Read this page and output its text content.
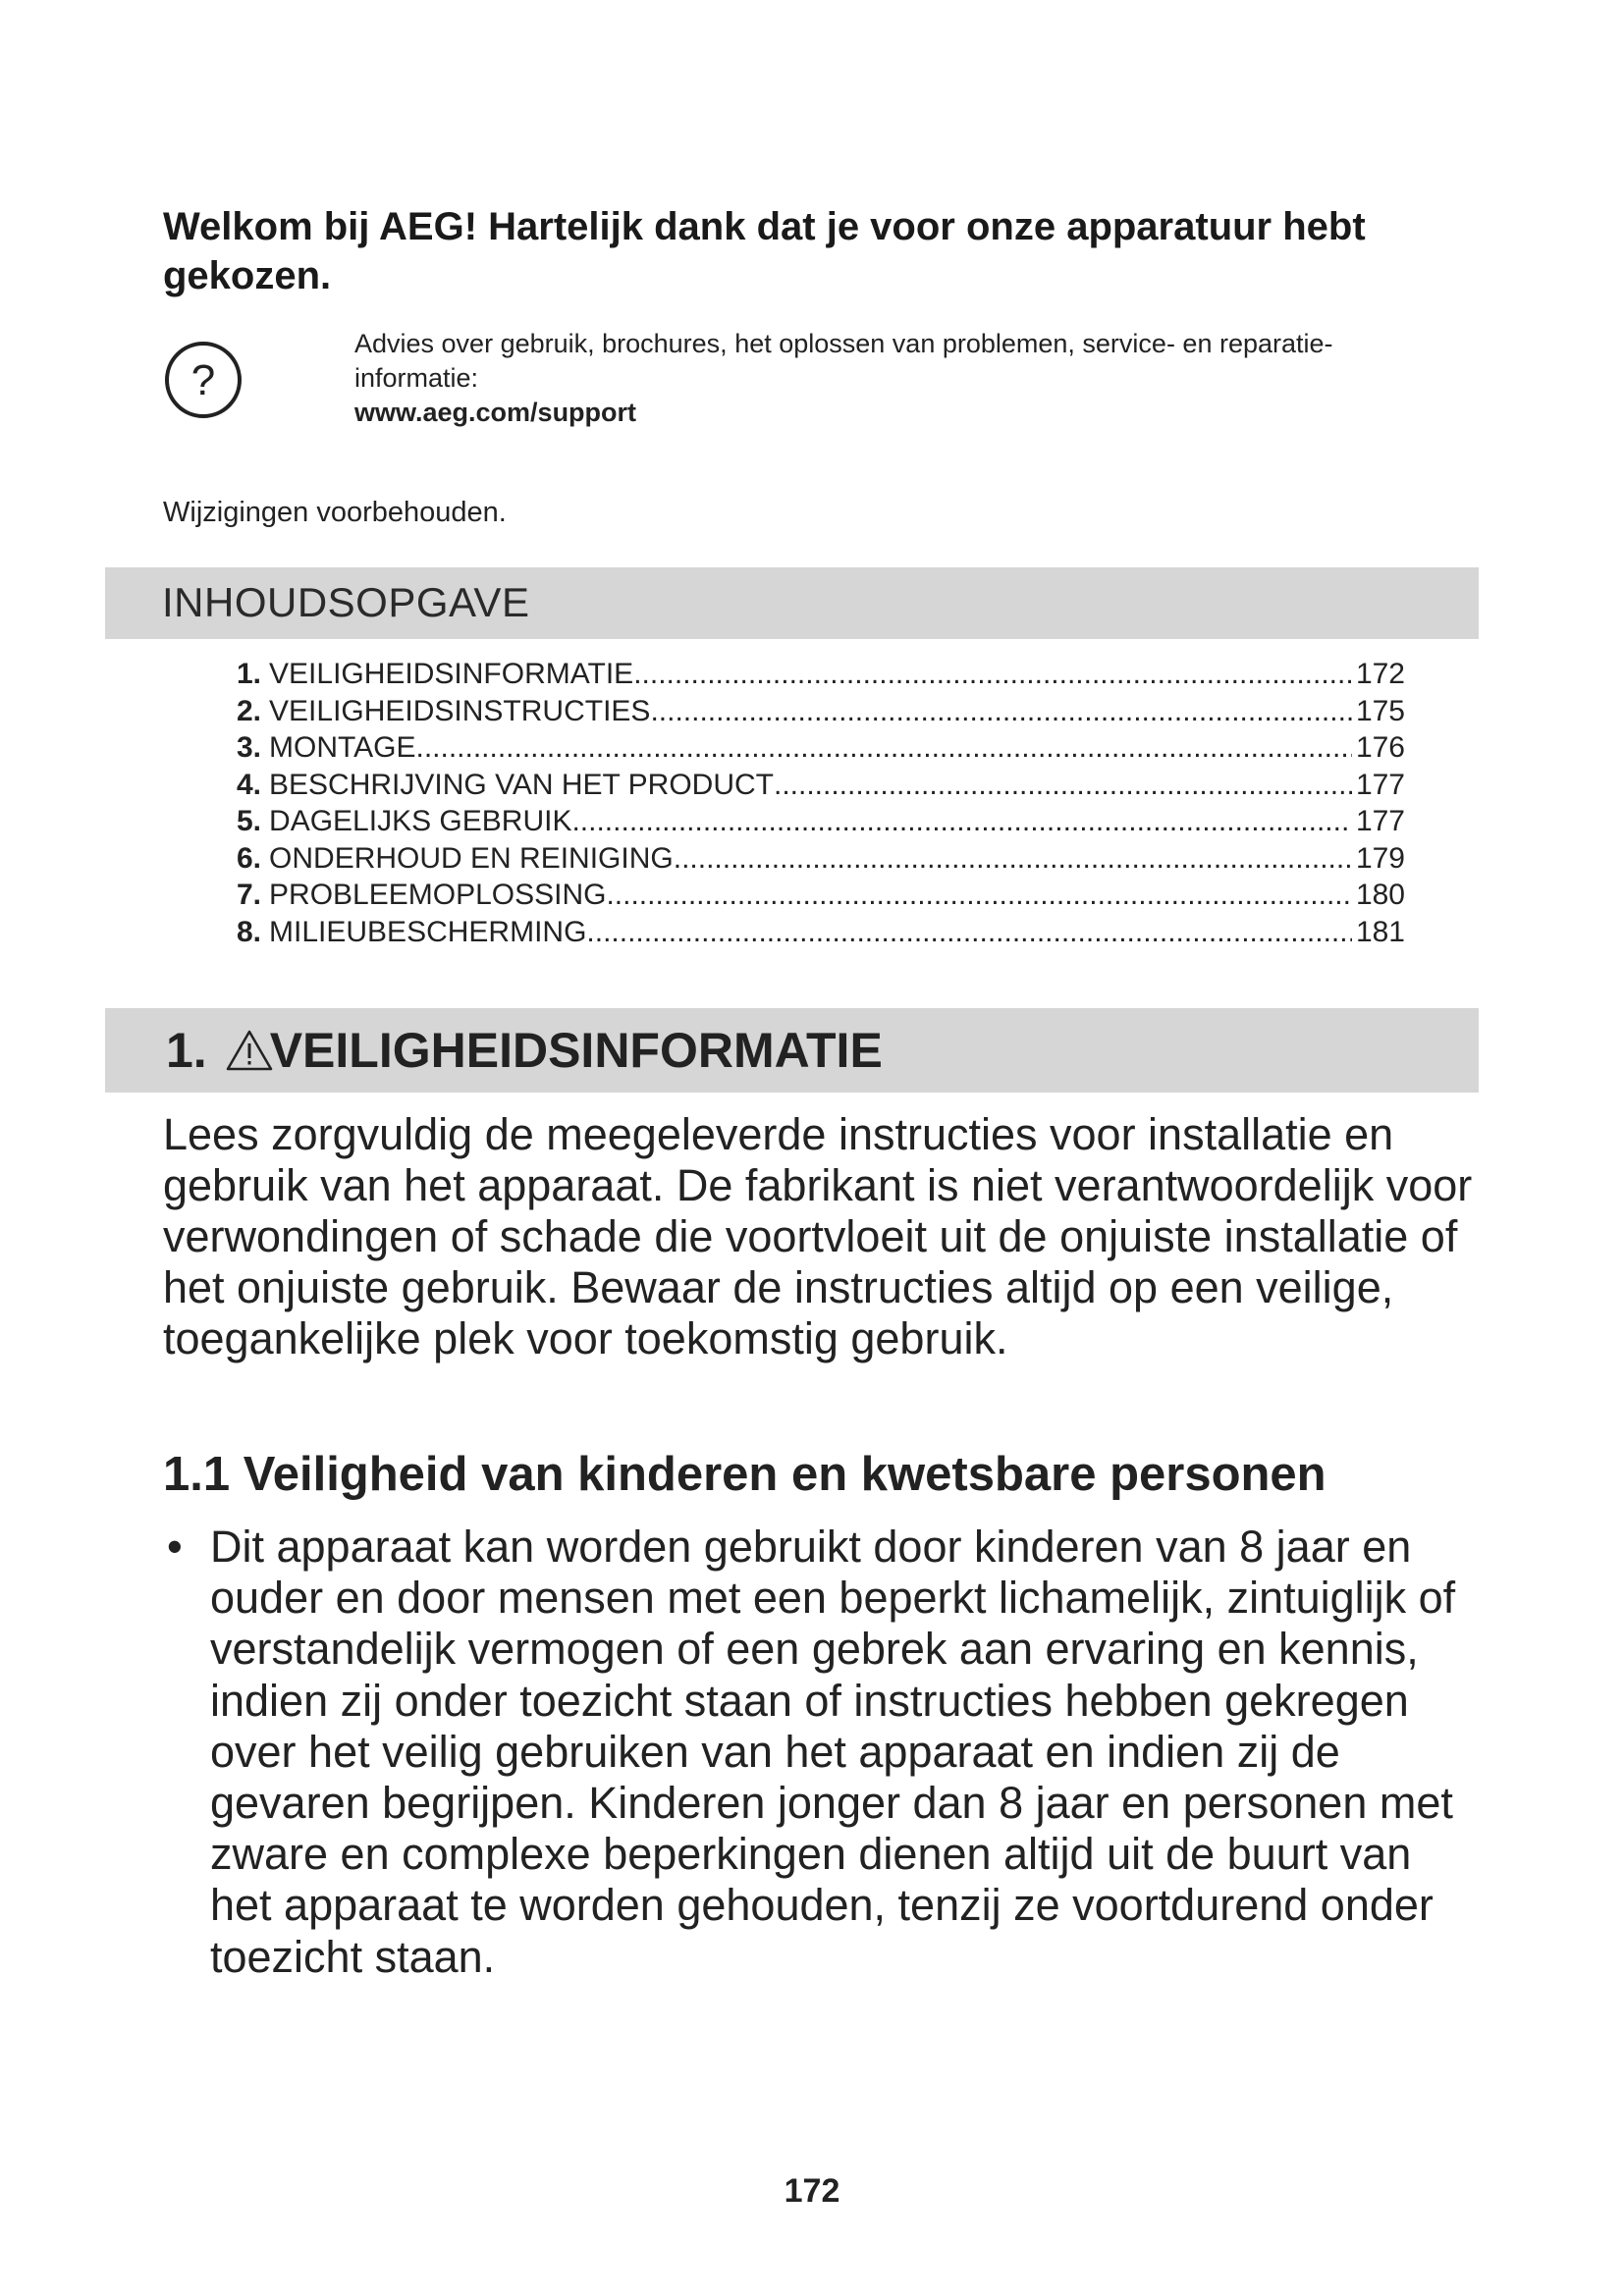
Welkom bij AEG! Hartelijk dank dat je voor onze apparatuur hebt
gekozen.
?
Advies over gebruik, brochures, het oplossen van problemen, service- en reparatie-
informatie:
www.aeg.com/support
Wijzigingen voorbehouden.
INHOUDSOPGAVE
1. VEILIGHEIDSINFORMATIE .....	172
2. VEILIGHEIDSINSTRUCTIES .....	175
3. MONTAGE .....	176
4. BESCHRIJVING VAN HET PRODUCT .....	177
5. DAGELIJKS GEBRUIK .....	177
6. ONDERHOUD EN REINIGING .....	179
7. PROBLEEMOPLOSSING .....	180
8. MILIEUBESCHERMING .....	181
1. VEILIGHEIDSINFORMATIE

Lees zorgvuldig de meegeleverde instructies voor installatie en gebruik van het apparaat. De fabrikant is niet verantwoordelijk voor verwondingen of schade die voortvloeit uit de onjuiste installatie of het onjuiste gebruik. Bewaar de instructies altijd op een veilige, toegankelijke plek voor toekomstig gebruik.

1.1 Veiligheid van kinderen en kwetsbare personen
• Dit apparaat kan worden gebruikt door kinderen van 8 jaar en ouder en door mensen met een beperkt lichamelijk, zintuiglijk of verstandelijk vermogen of een gebrek aan ervaring en kennis, indien zij onder toezicht staan of instructies hebben gekregen over het veilig gebruiken van het apparaat en indien zij de gevaren begrijpen. Kinderen jonger dan 8 jaar en personen met zware en complexe beperkingen dienen altijd uit de buurt van het apparaat te worden gehouden, tenzij ze voortdurend onder toezicht staan.

172
